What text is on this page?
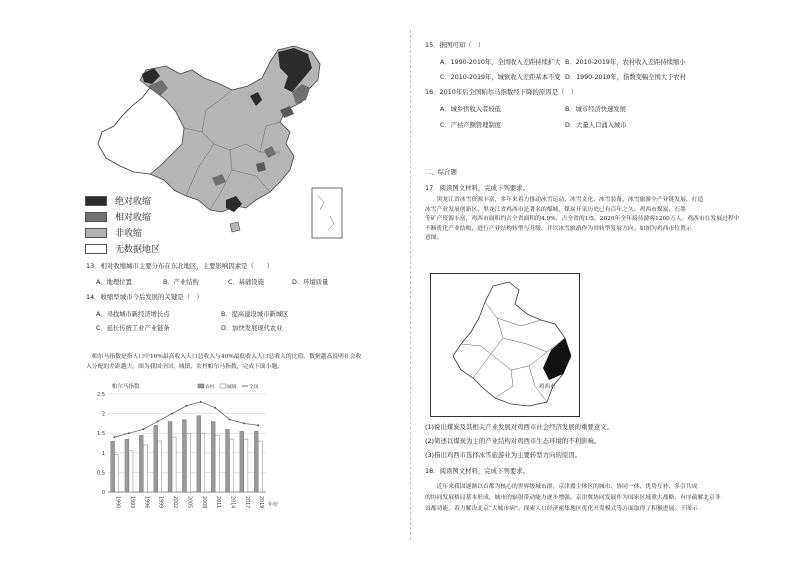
绝对收缩
相对收缩
非收缩
无数据地区
13．相对收缩城市主要分布在东北地区，主要影响因素是（　　）
A．地理位置	B．产业结构	C．基础设施	D．环境质量
14．收缩型城市今后发展的关键是（　）
A．寻找城市新经济增长点	B．提高建设城市新城区
C．延长传统工业产业链条	D．加快发展现代农业
帕尔马指数是指人口中10%最高收入人口总收入与40%最低收入人口总收入的比值，数据越高说明社会收
入分配的差距越大。图为我国全国、城镇、农村帕尔马指数，完成下面小题。
帕尔马指数	农村	城镇	全国
0
0.5
1
1.5
2
2.5
1990 1993 1996 1999 2002 2005 2008 2011 2014 2017 2019 年份
15．据图可知（　）
A．1990-2010年，全国收入差距持续扩大 B．2010-2019年，农村收入差距持续缩小
C．2010-2019年，城镇收入差距基本不变 D．1990-2010年，指数变幅全国大于农村
16．2010年后全国帕尔马指数经下降的原因是（　）
A．城乡供收入者较低	B．城市经济快速发展
C．产枯产额管理制度	D．大量人口涌入城市
二、综合题
17．阅读图文材料，完成下列要求。
　　黑龙江省冰雪资源丰富，多年来着力推动冰雪运动、冰雪文化、冰雪装备、冰雪旅游全产业链发展，打造
冰雪产业发展创新区。黑龙江省鸡西市是著名的煤城，煤炭开采历史已有百年之久。鸡西市煤炭、石墨
等矿产资源丰富，鸡西市面积约占全省面积的4.9%，占全省的1/5，2020年全年接待游客1200万人。鸡西市在发展过程中
不断优化产业结构，进行产业结构转型与升级，并以冰雪旅游作为其转型发展方向。如图为鸡西市位置示
意图。
鸡西市
(1)说出煤炭及其相关产业发展对鸡西市社会经济发展的重要意义。
(2)简述以煤炭为主的产业结构对鸡西市生态环境的不利影响。
(3)指出鸡西市选择冰雪旅游业为主要转型方向的原因。
18．阅读图文材料，完成下列要求。
　　近年来我国逐渐以首都为核心的世界级城市群，京津冀主体区的城市、协同一体、优势互补、多引共成
的协同发展格局基本形成，城市的辐射带动能力逐步增强。京津冀协同发展作为国家区域重大战略，有序疏解北京非
首都功能，着力解决北京“大城市病”。探索人口经济密集地区优化开发模式等方面取得了积极进展。下图示
